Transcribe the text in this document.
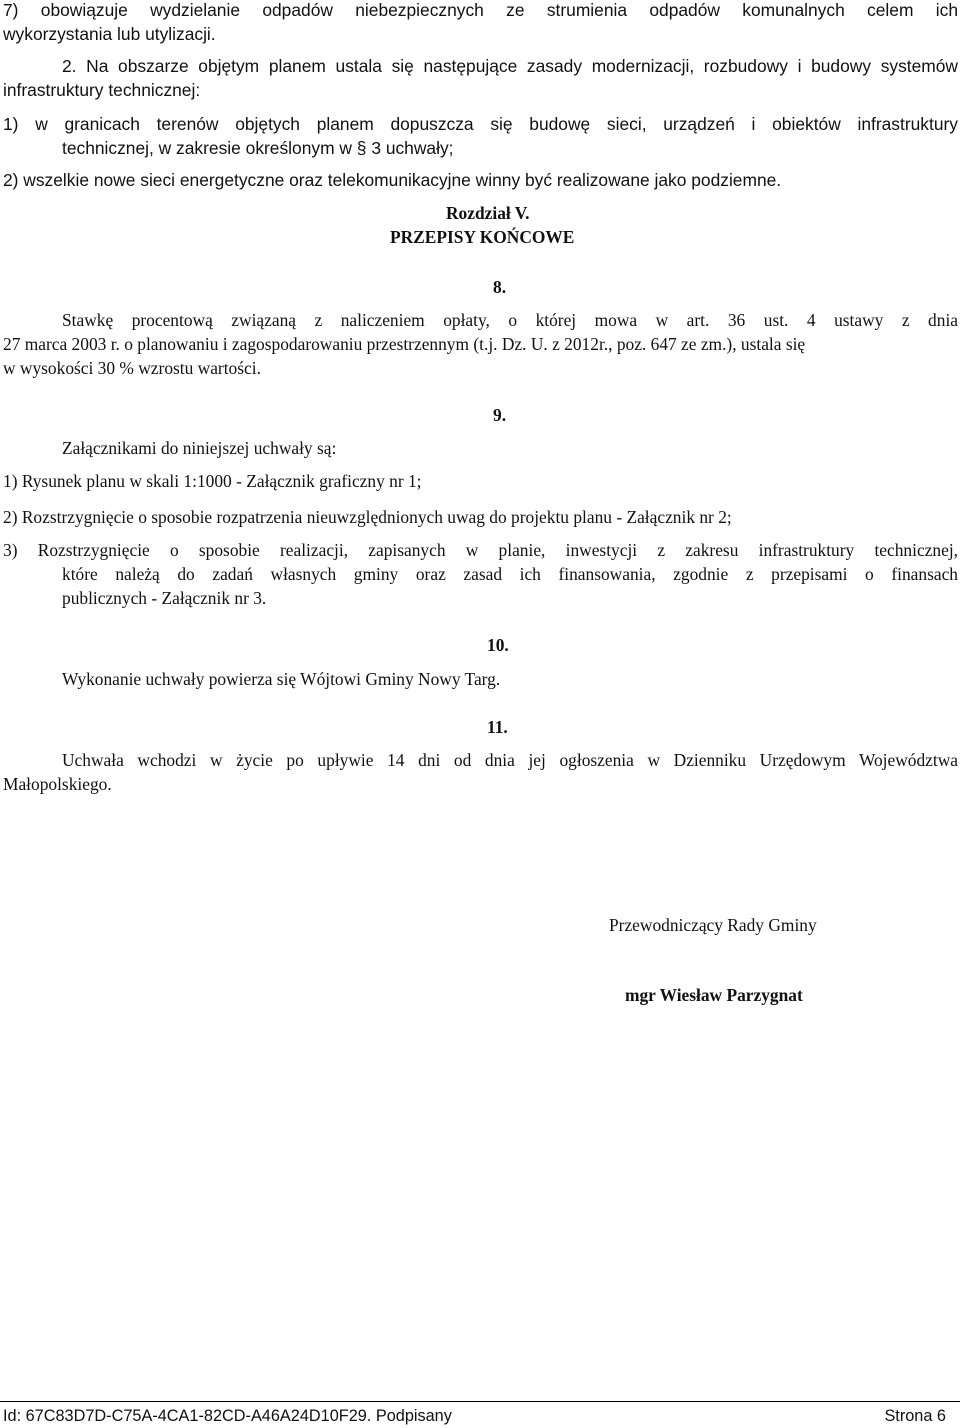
7) obowiązuje wydzielanie odpadów niebezpiecznych ze strumienia odpadów komunalnych celem ich
wykorzystania lub utylizacji.
2. Na obszarze objętym planem ustala się następujące zasady modernizacji, rozbudowy i budowy systemów
infrastruktury technicznej:
1) w granicach terenów objętych planem dopuszcza się budowę sieci, urządzeń i obiektów infrastruktury
technicznej, w zakresie określonym w § 3 uchwały;
2) wszelkie nowe sieci energetyczne oraz telekomunikacyjne winny być realizowane jako podziemne.
Rozdział V.
PRZEPISY KOŃCOWE
8.
Stawkę procentową związaną z naliczeniem opłaty, o której mowa w art. 36 ust. 4 ustawy z dnia
27 marca 2003 r. o planowaniu i zagospodarowaniu przestrzennym (t.j. Dz. U. z 2012r., poz. 647 ze zm.), ustala się
w wysokości 30 % wzrostu wartości.
9.
Załącznikami do niniejszej uchwały są:
1) Rysunek planu w skali 1:1000 - Załącznik graficzny nr 1;
2) Rozstrzygnięcie o sposobie rozpatrzenia nieuwzględnionych uwag do projektu planu - Załącznik nr 2;
3) Rozstrzygnięcie o sposobie realizacji, zapisanych w planie, inwestycji z zakresu infrastruktury technicznej,
które należą do zadań własnych gminy oraz zasad ich finansowania, zgodnie z przepisami o finansach
publicznych - Załącznik nr 3.
10.
Wykonanie uchwały powierza się Wójtowi Gminy Nowy Targ.
11.
Uchwała wchodzi w życie po upływie 14 dni od dnia jej ogłoszenia w Dzienniku Urzędowym Województwa
Małopolskiego.
Przewodniczący Rady Gminy
mgr Wiesław Parzygnat
Id: 67C83D7D-C75A-4CA1-82CD-A46A24D10F29. Podpisany	Strona 6
